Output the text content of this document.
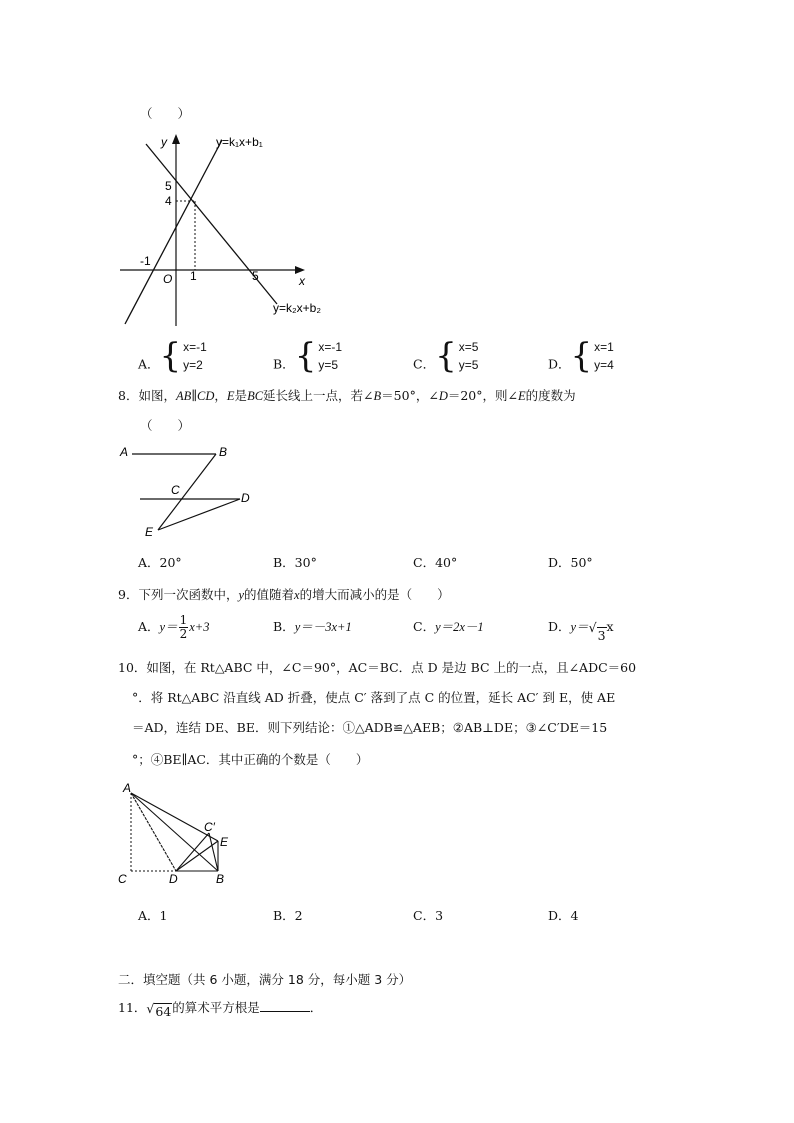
（　　）
y=k₁x+b₁
y=k₂x+b₂
y
x
O
5
4
-1
1	5
A． { x=-1
y=2	B． { x=-1
y=5	C． { x=5
y=5	D． { x=1
y=4
8．如图，AB∥CD，E是BC延长线上一点，若∠B＝50°，∠D＝20°，则∠E的度数为
（　　）
A	B
C
D
E
A．20°	B．30°	C．40°	D．50°
9．下列一次函数中，y的值随着x的增大而减小的是（　　）
A．$y= \frac{1}{2} x+3$	B．y＝－3x+1	C．y＝2x－1	D．y＝ √
3
x
10．如图，在 Rt△ABC 中，∠C＝90°，AC＝BC．点 D 是边 BC 上的一点，且∠ADC＝60
°．将 Rt△ABC 沿直线 AD 折叠，使点 C′ 落到了点 C 的位置，延长 AC′ 到 E，使 AE
＝AD，连结 DE、BE．则下列结论：①△ADB≌△AEB；②AB⊥DE；③∠C′DE＝15
°；④BE∥AC．其中正确的个数是（　　）
A
C′
E
C	D	B
A．1	B．2	C．3	D．4
二．填空题（共 6 小题，满分 18 分，每小题 3 分）
11． √ 64 的算术平方根是	．
